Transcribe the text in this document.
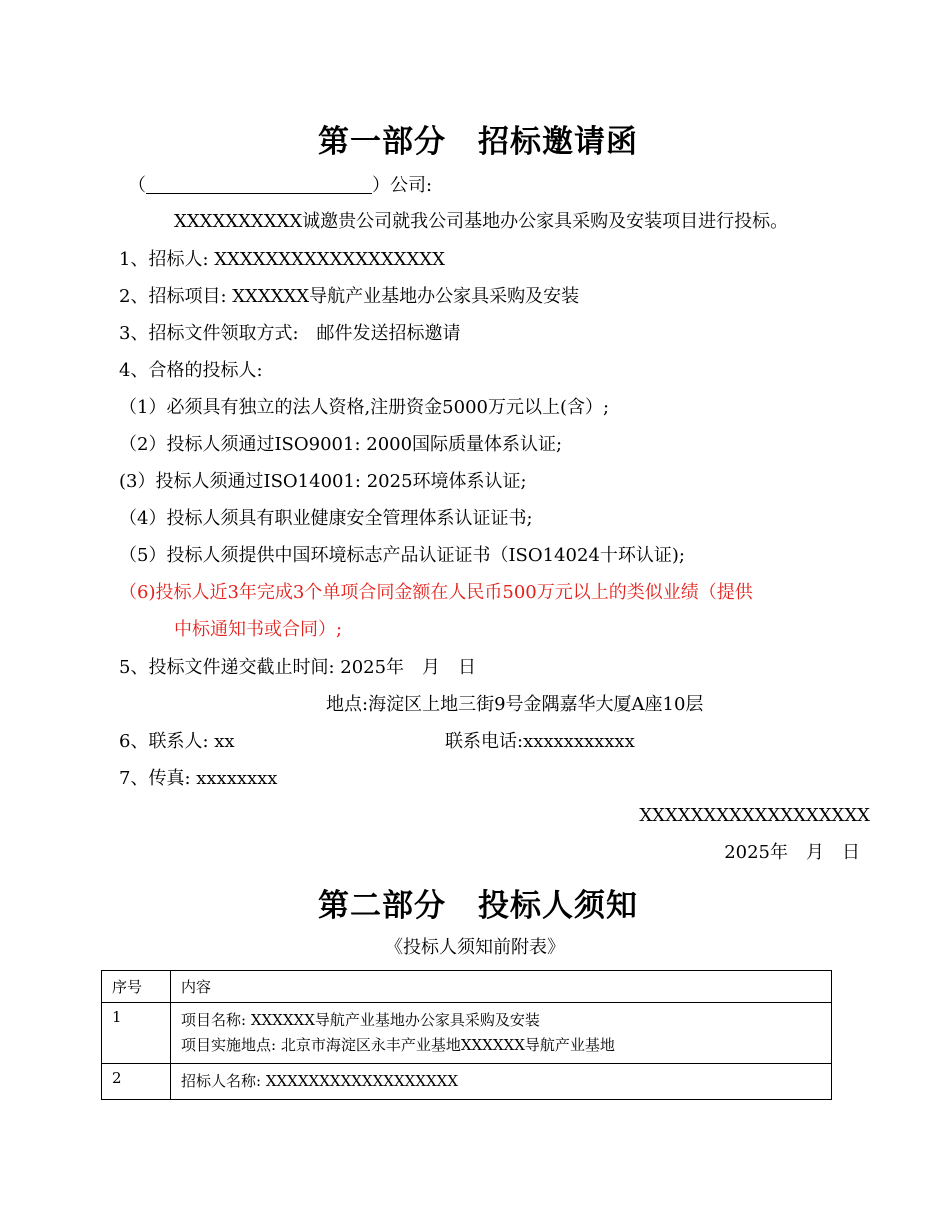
第一部分　招标邀请函
（	）公司:
XXXXXXXXXX诚邀贵公司就我公司基地办公家具采购及安装项目进行投标。
1、招标人: XXXXXXXXXXXXXXXXXX
2、招标项目: XXXXXX导航产业基地办公家具采购及安装
3、招标文件领取方式:　邮件发送招标邀请
4、合格的投标人:
（1）必须具有独立的法人资格,注册资金5000万元以上(含）;
（2）投标人须通过ISO9001: 2000国际质量体系认证;
(3）投标人须通过ISO14001: 2025环境体系认证;
（4）投标人须具有职业健康安全管理体系认证证书;
（5）投标人须提供中国环境标志产品认证证书（ISO14024十环认证);
（6)投标人近3年完成3个单项合同金额在人民币500万元以上的类似业绩（提供
中标通知书或合同）;
5、投标文件递交截止时间: 2025年　月　日
地点:海淀区上地三街9号金隅嘉华大厦A座10层
6、联系人: xx	联系电话:xxxxxxxxxxx
7、传真: xxxxxxxx
XXXXXXXXXXXXXXXXXX
2025年　月　日
第二部分　投标人须知
《投标人须知前附表》
序号	内容
1	项目名称: XXXXXX导航产业基地办公家具采购及安装
项目实施地点: 北京市海淀区永丰产业基地XXXXXX导航产业基地

2	招标人名称: XXXXXXXXXXXXXXXXXX
